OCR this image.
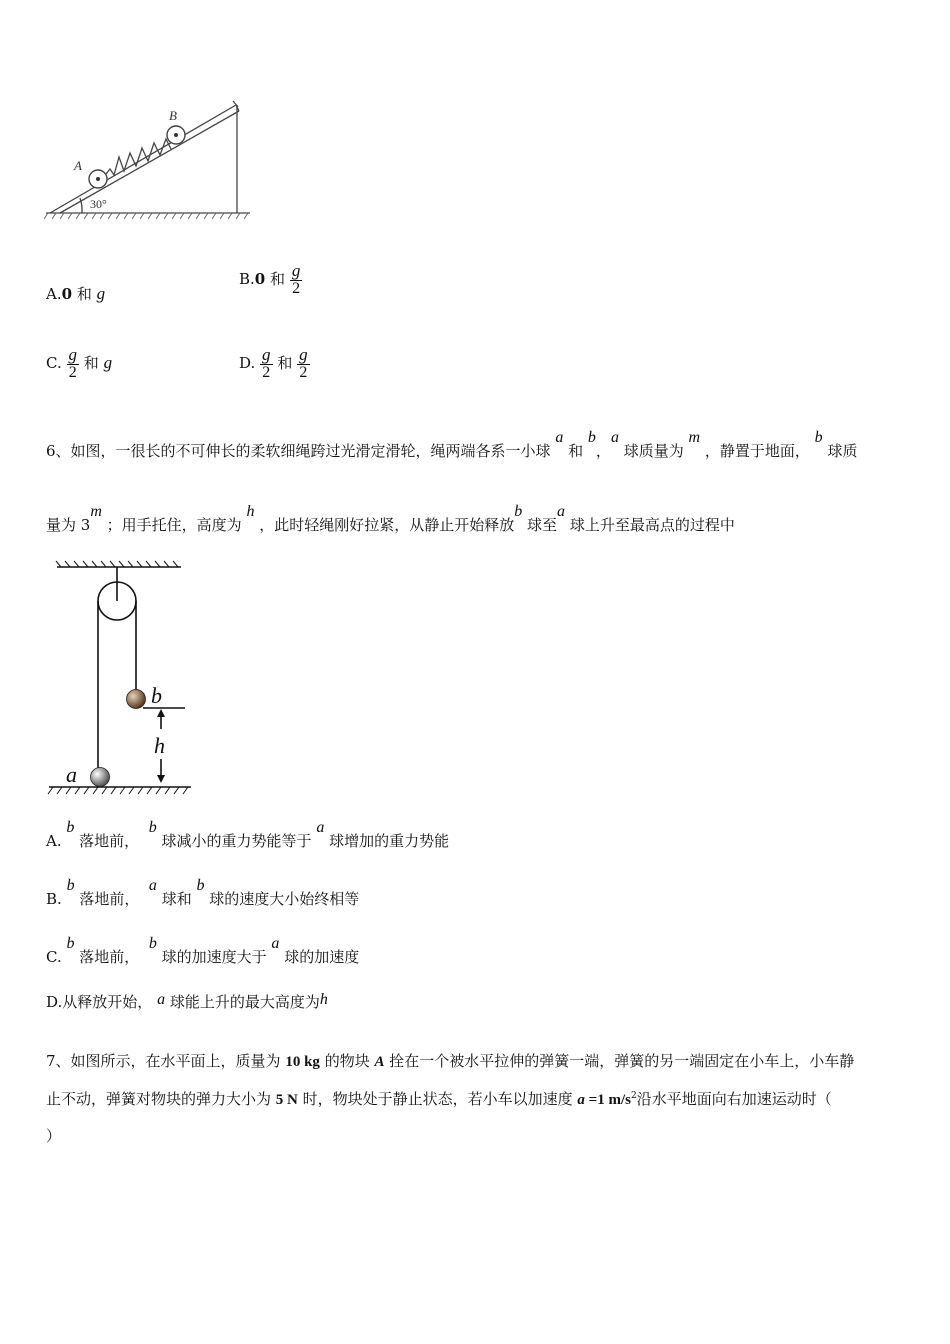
A
B
30°
A.0 和 g
B.0 和 $\frac{g}{2}$
C. $\frac{g}{2}$ 和 g	D. $\frac{g}{2}$ 和 $\frac{g}{2}$
6、如图，一很长的不可伸长的柔软细绳跨过光滑定滑轮，绳两端各系一小球 a 和 b，a 球质量为 m ，静置于地面， b 球质
量为 3m ；用手托住，高度为 h ，此时轻绳刚好拉紧，从静止开始释放b 球至a 球上升至最高点的过程中
b
h
a
A. b 落地前，  b 球减小的重力势能等于 a 球增加的重力势能
B. b 落地前，  a 球和 b 球的速度大小始终相等
C. b 落地前，  b 球的加速度大于 a 球的加速度
D.从释放开始， a 球能上升的最大高度为h
7、如图所示，在水平面上，质量为 10 kg 的物块 A 拴在一个被水平拉伸的弹簧一端，弹簧的另一端固定在小车上，小车静
止不动，弹簧对物块的弹力大小为 5 N 时，物块处于静止状态，若小车以加速度 a =1 $m/s^2$沿水平地面向右加速运动时（
）
